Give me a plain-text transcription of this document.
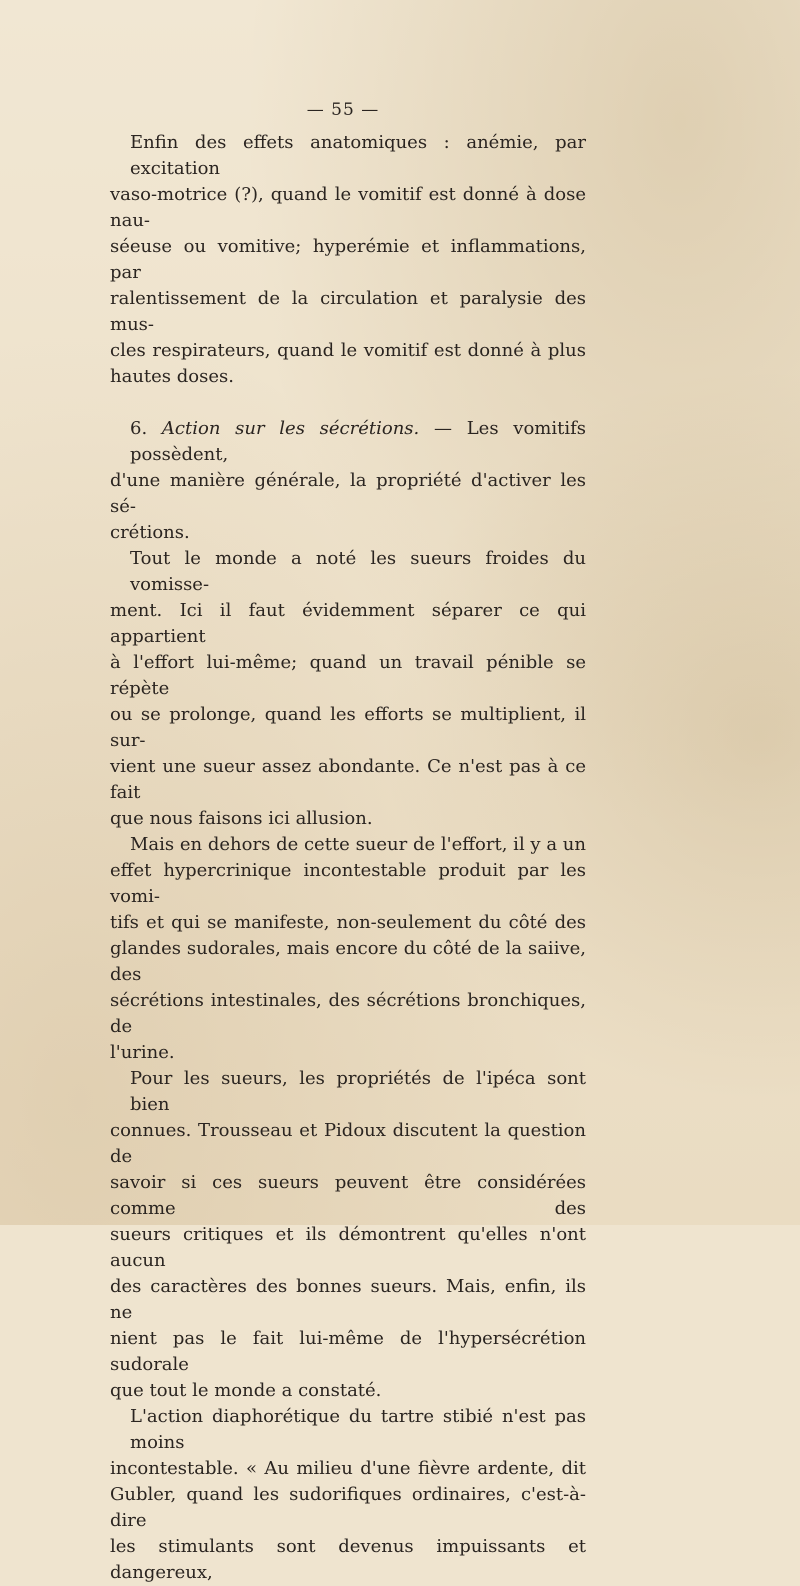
— 55 —

Enfin des effets anatomiques : anémie, par excitation
vaso-motrice (?), quand le vomitif est donné à dose nau-
séeuse ou vomitive; hyperémie et inflammations, par
ralentissement de la circulation et paralysie des mus-
cles respirateurs, quand le vomitif est donné à plus
hautes doses.

6. Action sur les sécrétions. — Les vomitifs possèdent,
d'une manière générale, la propriété d'activer les sé-
crétions.

Tout le monde a noté les sueurs froides du vomisse-
ment. Ici il faut évidemment séparer ce qui appartient
à l'effort lui-même; quand un travail pénible se répète
ou se prolonge, quand les efforts se multiplient, il sur-
vient une sueur assez abondante. Ce n'est pas à ce fait
que nous faisons ici allusion.

Mais en dehors de cette sueur de l'effort, il y a un
effet hypercrinique incontestable produit par les vomi-
tifs et qui se manifeste, non-seulement du côté des
glandes sudorales, mais encore du côté de la saiive, des
sécrétions intestinales, des sécrétions bronchiques, de
l'urine.

Pour les sueurs, les propriétés de l'ipéca sont bien
connues. Trousseau et Pidoux discutent la question de
savoir si ces sueurs peuvent être considérées comme des
sueurs critiques et ils démontrent qu'elles n'ont aucun
des caractères des bonnes sueurs. Mais, enfin, ils ne
nient pas le fait lui-même de l'hypersécrétion sudorale
que tout le monde a constaté.

L'action diaphorétique du tartre stibié n'est pas moins
incontestable. « Au milieu d'une fièvre ardente, dit
Gubler, quand les sudorifiques ordinaires, c'est-à-dire
les stimulants sont devenus impuissants et dangereux,
